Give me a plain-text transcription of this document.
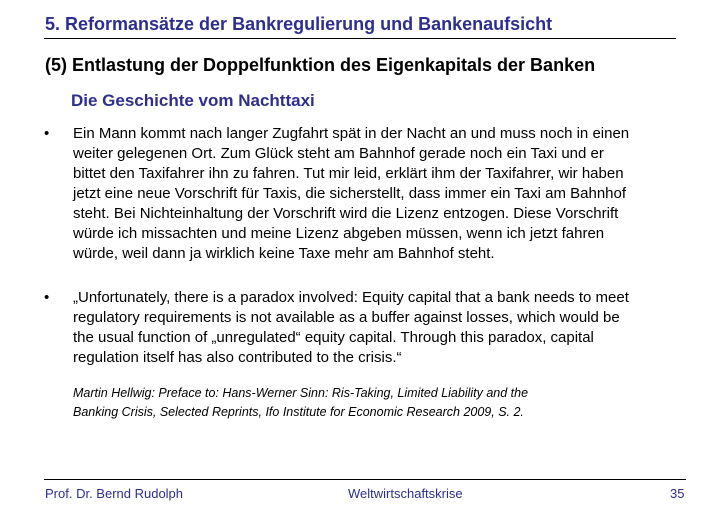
5. Reformansätze der Bankregulierung und Bankenaufsicht
(5) Entlastung der Doppelfunktion des Eigenkapitals der Banken
Die Geschichte vom Nachttaxi
• Ein Mann kommt nach langer Zugfahrt spät in der Nacht an und muss noch in einen
weiter gelegenen Ort. Zum Glück steht am Bahnhof gerade noch ein Taxi und er
bittet den Taxifahrer ihn zu fahren. Tut mir leid, erklärt ihm der Taxifahrer, wir haben
jetzt eine neue Vorschrift für Taxis, die sicherstellt, dass immer ein Taxi am Bahnhof
steht. Bei Nichteinhaltung der Vorschrift wird die Lizenz entzogen. Diese Vorschrift
würde ich missachten und meine Lizenz abgeben müssen, wenn ich jetzt fahren
würde, weil dann ja wirklich keine Taxe mehr am Bahnhof steht.
• „Unfortunately, there is a paradox involved: Equity capital that a bank needs to meet
regulatory requirements is not available as a buffer against losses, which would be
the usual function of „unregulated“ equity capital. Through this paradox, capital
regulation itself has also contributed to the crisis.“
Martin Hellwig: Preface to: Hans-Werner Sinn: Ris-Taking, Limited Liability and the
Banking Crisis, Selected Reprints, Ifo Institute for Economic Research 2009, S. 2.
Prof. Dr. Bernd Rudolph	Weltwirtschaftskrise	35
